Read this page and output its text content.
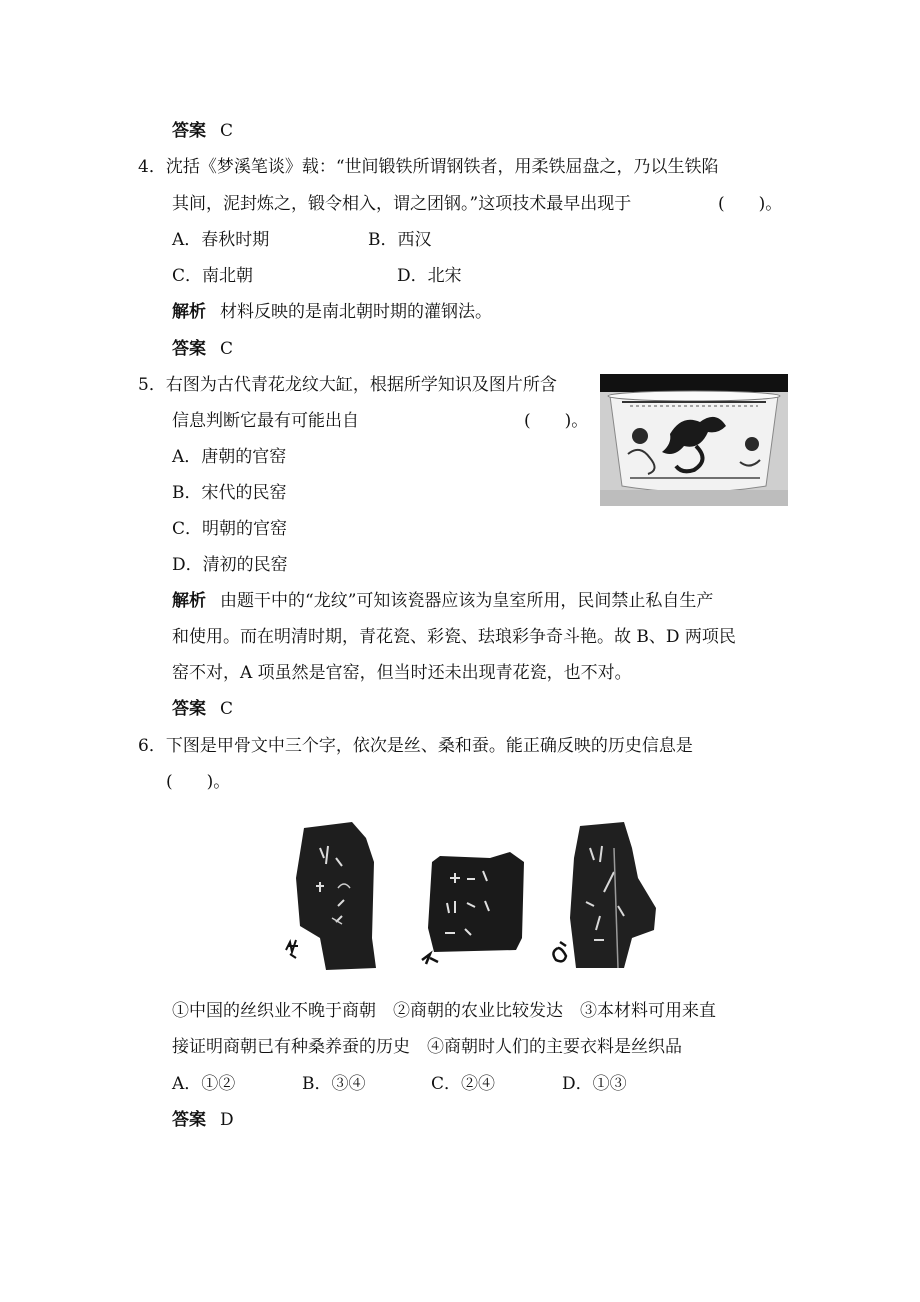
答案 C
4．沈括《梦溪笔谈》载：“世间锻铁所谓钢铁者，用柔铁屈盘之，乃以生铁陷
其间，泥封炼之，锻令相入，谓之团钢。”这项技术最早出现于	(　　)。
A．春秋时期	B．西汉
C．南北朝	D．北宋
解析 材料反映的是南北朝时期的灌钢法。
答案 C
5．右图为古代青花龙纹大缸，根据所学知识及图片所含
信息判断它最有可能出自	(　　)。
A．唐朝的官窑
B．宋代的民窑
C．明朝的官窑
D．清初的民窑
解析 由题干中的“龙纹”可知该瓷器应该为皇室所用，民间禁止私自生产
和使用。而在明清时期，青花瓷、彩瓷、珐琅彩争奇斗艳。故 B、D 两项民
窑不对，A 项虽然是官窑，但当时还未出现青花瓷，也不对。
答案 C
6．下图是甲骨文中三个字，依次是丝、桑和蚕。能正确反映的历史信息是
(　　)。
①中国的丝织业不晚于商朝　②商朝的农业比较发达　③本材料可用来直
接证明商朝已有种桑养蚕的历史　④商朝时人们的主要衣料是丝织品
A．①②	B．③④	C．②④	D．①③
答案 D
